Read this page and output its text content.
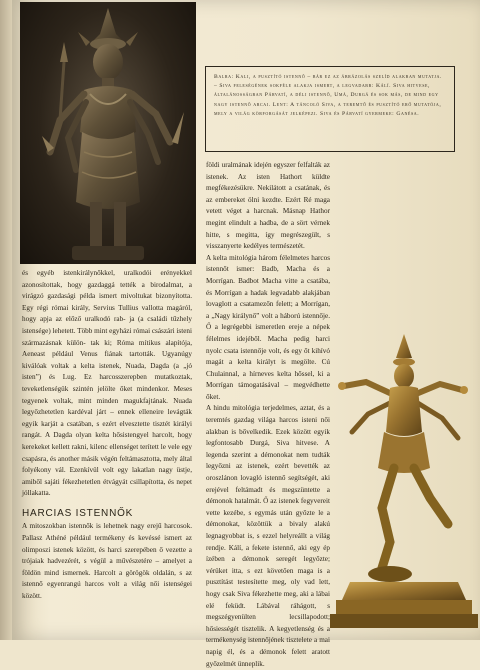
Balra: Kali, a pusztító istennő – bár ez az ábrázolás szelíd alakban mutatja. – Siva feleségének sokféle alakja ismert, a legvadabb: Kálí. Siva hitvese, általánosságban Párvatí, a déli istennő, Umá, Durgá és sok más, de mind egy nagy istennő arcai. Lent: A táncoló Siva, a teremtő és pusztító erő mutatója, mely a világ körforgását jelképezi. Siva és Párvatí gyermeke: Ganésa.

és egyéb istenkirálynőkkel, uralkodói erényekkel azonosítottak, hogy gazdaggá tették a birodalmat, a virágzó gazdasági példa ismert mivoltukat bizonyította. Egy régi római király, Servius Tullius vallotta magáról, hogy apja az előző uralkodó rab- ja (a családi tűzhely istensége) lehetett. Több mint egyházi római császári isteni származásnak külön- tak ki; Róma mítikus alapítója, Aeneast például Venus fiának tartották. Ugyanúgy kiválóak voltak a kelta istenek, Nuada, Dagda (a „jó isten”) és Lug. Ez harcosszerepben mutatkoztak, teveketlenségük szintén jelölte őket mindenkor. Meses tegyenek voltak, mint minden magukfajtának. Nuada legyőzhetetlen kardéval járt – ennek elleneire levágták egyik karját a csatában, s ezért elvesztette tisztét királyi rangát. A Dagda olyan kelta hősistengyel harcolt, hogy kerekeket kellett rakni, kilenc ellenséget terített le vele egy csapásra, és another másik végén feltámasztotta, mely által folyékony vál. Ezenkívül volt egy lakatlan nagy üstje, amiből sajáti fékezhetetlen étvágyát csillapította, és nepet jóllakatta.

HARCIAS ISTENNŐK

A mitoszokban istennők is lehetnek nagy erejű harcosok. Pallasz Athéné például termékeny és kevéssé ismert az olimposzi istenek között, és harci szerepében ő vezette a trójaiak hadvezérét, s végül a művészetére – amelyet a földön mind ismernek. Harcolt a görögök oldalán, s az istennő egyenrangú harcos volt a világ női istenségei között.

földi uralmának idején egyszer felfalták az istenek. Az isten Hathort küldte megfékezésükre. Nekilátott a csatának, és az embereket ölni kezdte. Ezért Ré maga vetett véget a harcnak. Másnap Hathor megint elindult a hadba, de a sört vérnek hitte, s megitta, így megrészegült, s visszanyerte kedélyes természetét.

A kelta mitológia három félelmetes harcos istennőt ismer: Badb, Macha és a Morrígan. Badbot Macha vitte a csatába, és Morrígan a hadak legvadabb alakjában lovaglott a csatamezőn felett; a Morrígan, a „Nagy királynő” volt a háború istennője. Ő a legrégebbi ismeretlen ereje a népek félelmes idejéből. Macha pedig harci nyolc csata istennője volt, és egy őt kihívó magát a kelta királyt is megölte. Cú Chulainnal, a hírneves kelta hőssel, ki a Morrígan támogatásával – megvédhette őket.

A hindu mitológia terjedelmes, aztat, és a teremtés gazdag világa harcos isteni női alakban is bővelkedik. Ezek között egyik legfontosabb Durgá, Siva hitvese. A legenda szerint a démonokat nem tudták legyőzni az istenek, ezért bevették az oroszlánon lovagló istennő segítségét, aki erejével feltámadt és megszüntette a démonok hatalmát. Ő az istenek fegyvereit vette kezébe, s egymás után győzte le a démonokat, közöttük a bivaly alakú legnagyobbat is, s ezzel helyreállt a világ rendje. Kálí, a fekete istennő, aki egy ép ízében a démonok seregét legyőzte; vérüket itta, s ezt követően maga is a pusztítást testesítette meg, oly vad lett, hogy csak Siva fékezhette meg, aki a lábai elé feküdt. Lábával ráhágott, s megszégyenülten lecsillapodott; hősiességét tisztelik. A kegyetlenség és a termékenység istennőjének tisztelete a mai napig él, és a démonok felett aratott győzelmét ünneplik.
